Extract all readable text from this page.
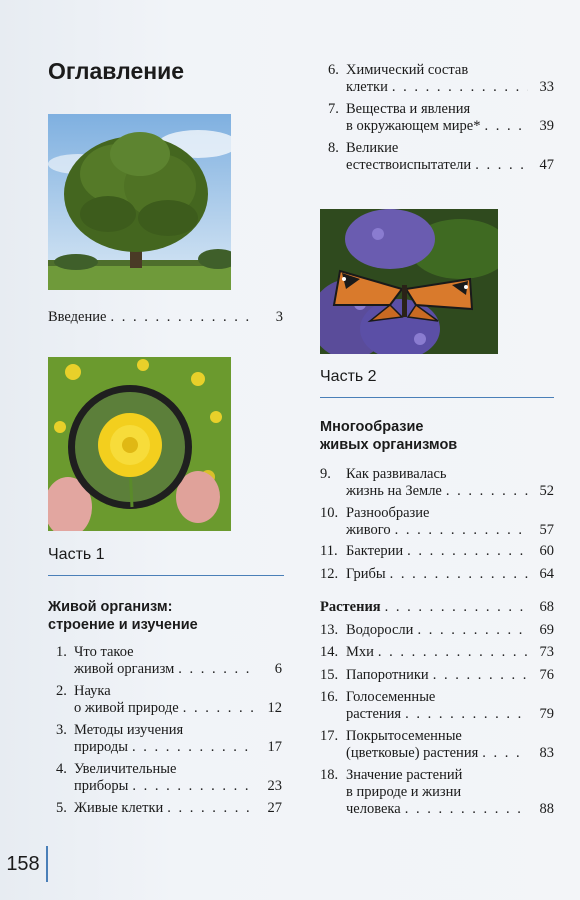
Оглавление
Введение . . .	3
Часть 1
Живой организм:
строение и изучение
1. Что такое
живой организм . . .	6
2. Наука
о живой природе . . .	12
3. Методы изучения
природы . . .	17
4. Увеличительные
приборы . . .	23
5. Живые клетки . . .	27
6. Химический состав
клетки . . .	33
7. Вещества и явления
в окружающем мире* . . .	39
8. Великие
естествоиспытатели . . .	47
Часть 2
Многообразие
живых организмов
9. Как развивалась
жизнь на Земле . . .	52
10. Разнообразие
живого . . .	57
11. Бактерии . . .	60
12. Грибы . . .	64
Растения . . .	68
13. Водоросли . . .	69
14. Мхи . . .	73
15. Папоротники . . .	76
16. Голосеменные
растения . . .	79
17. Покрытосеменные
(цветковые) растения . . .	83
18. Значение растений
в природе и жизни
человека . . .	88
158
